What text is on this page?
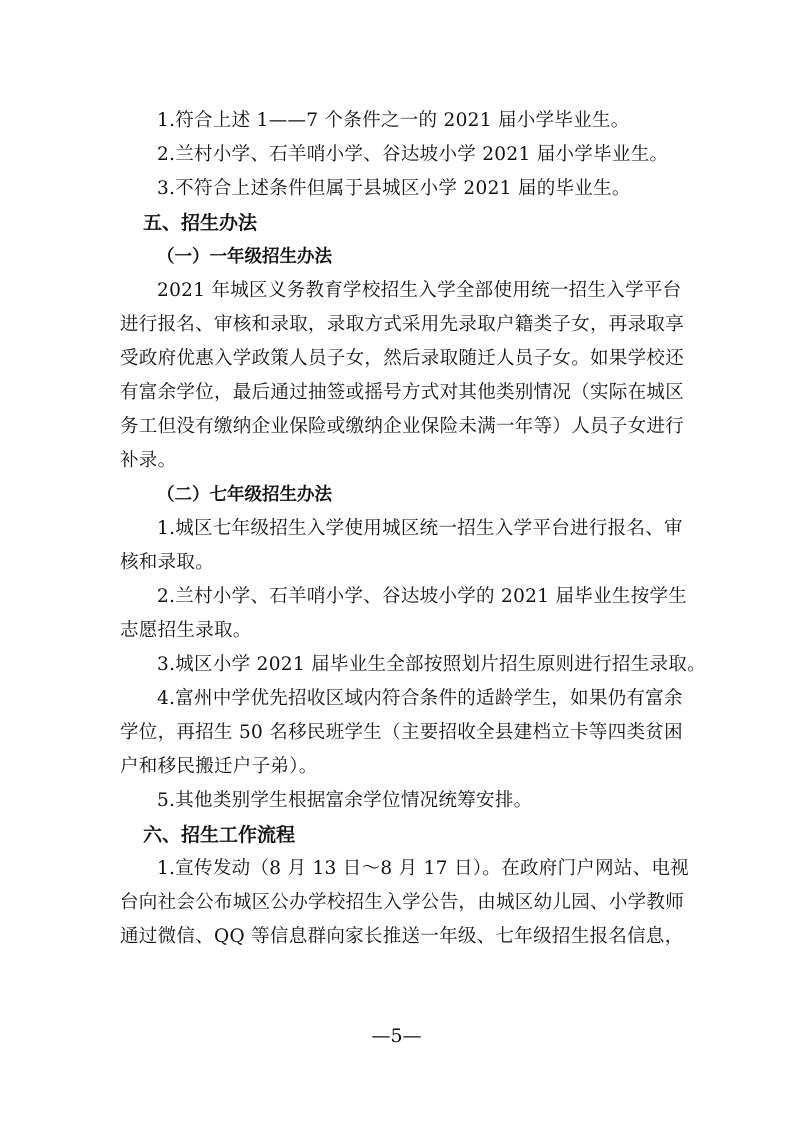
1.符合上述 1——7 个条件之一的 2021 届小学毕业生。

2.兰村小学、石羊哨小学、谷达坡小学 2021 届小学毕业生。

3.不符合上述条件但属于县城区小学 2021 届的毕业生。

五、招生办法
（一）一年级招生办法

2021 年城区义务教育学校招生入学全部使用统一招生入学平台

进行报名、审核和录取，录取方式采用先录取户籍类子女，再录取享

受政府优惠入学政策人员子女，然后录取随迁人员子女。如果学校还

有富余学位，最后通过抽签或摇号方式对其他类别情况（实际在城区

务工但没有缴纳企业保险或缴纳企业保险未满一年等）人员子女进行

补录。

（二）七年级招生办法

1.城区七年级招生入学使用城区统一招生入学平台进行报名、审

核和录取。

2.兰村小学、石羊哨小学、谷达坡小学的 2021 届毕业生按学生

志愿招生录取。

3.城区小学 2021 届毕业生全部按照划片招生原则进行招生录取。

4.富州中学优先招收区域内符合条件的适龄学生，如果仍有富余

学位，再招生 50 名移民班学生（主要招收全县建档立卡等四类贫困

户和移民搬迁户子弟）。

5.其他类别学生根据富余学位情况统筹安排。

六、招生工作流程

1.宣传发动（8 月 13 日～8 月 17 日）。在政府门户网站、电视

台向社会公布城区公办学校招生入学公告，由城区幼儿园、小学教师

通过微信、QQ 等信息群向家长推送一年级、七年级招生报名信息，

—5—
